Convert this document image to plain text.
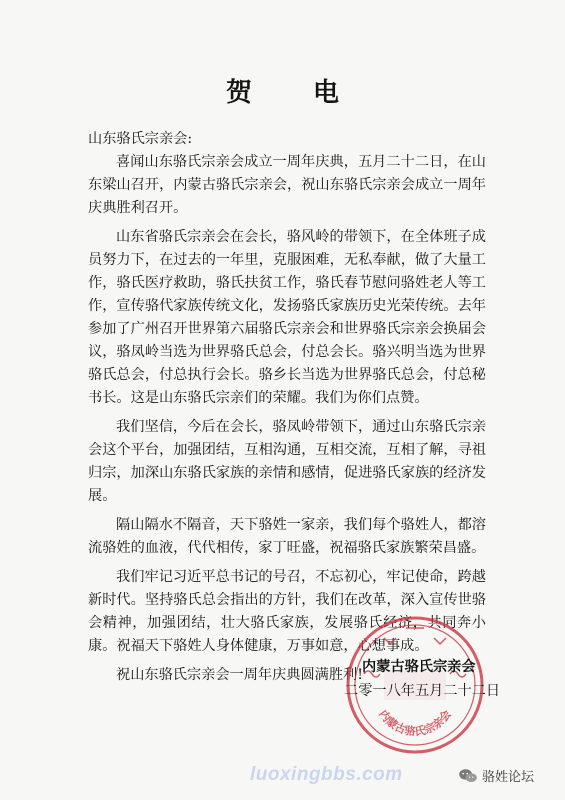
贺 电
山东骆氏宗亲会:

喜闻山东骆氏宗亲会成立一周年庆典，五月二十二日，在山东梁山召开，内蒙古骆氏宗亲会，祝山东骆氏宗亲会成立一周年庆典胜利召开。

山东省骆氏宗亲会在会长，骆风岭的带领下，在全体班子成员努力下，在过去的一年里，克服困难，无私奉献，做了大量工作，骆氏医疗救助，骆氏扶贫工作，骆氏春节慰问骆姓老人等工作，宣传骆代家族传统文化，发扬骆氏家族历史光荣传统。去年参加了广州召开世界第六届骆氏宗亲会和世界骆氏宗亲会换届会议，骆凤岭当选为世界骆氏总会，付总会长。骆兴明当选为世界骆氏总会，付总执行会长。骆乡长当选为世界骆氏总会，付总秘书长。这是山东骆氏宗亲们的荣耀。我们为你们点赞。

我们坚信，今后在会长，骆凤岭带领下，通过山东骆氏宗亲会这个平台，加强团结，互相沟通，互相交流，互相了解，寻祖归宗，加深山东骆氏家族的亲情和感情，促进骆氏家族的经济发展。

隔山隔水不隔音，天下骆姓一家亲，我们每个骆姓人，都溶流骆姓的血液，代代相传，家丁旺盛，祝福骆氏家族繁荣昌盛。

我们牢记习近平总书记的号召，不忘初心，牢记使命，跨越新时代。坚持骆氏总会指出的方针，我们在改革，深入宣传世骆会精神，加强团结，壮大骆氏家族，发展骆氏经济，共同奔小康。祝福天下骆姓人身体健康，万事如意，心想事成。

祝山东骆氏宗亲会一周年庆典圆满胜利!

内蒙古骆氏宗亲会
内蒙古骆氏宗亲会
二零一八年五月二十二日
luoxingbbs.com	骆姓论坛
